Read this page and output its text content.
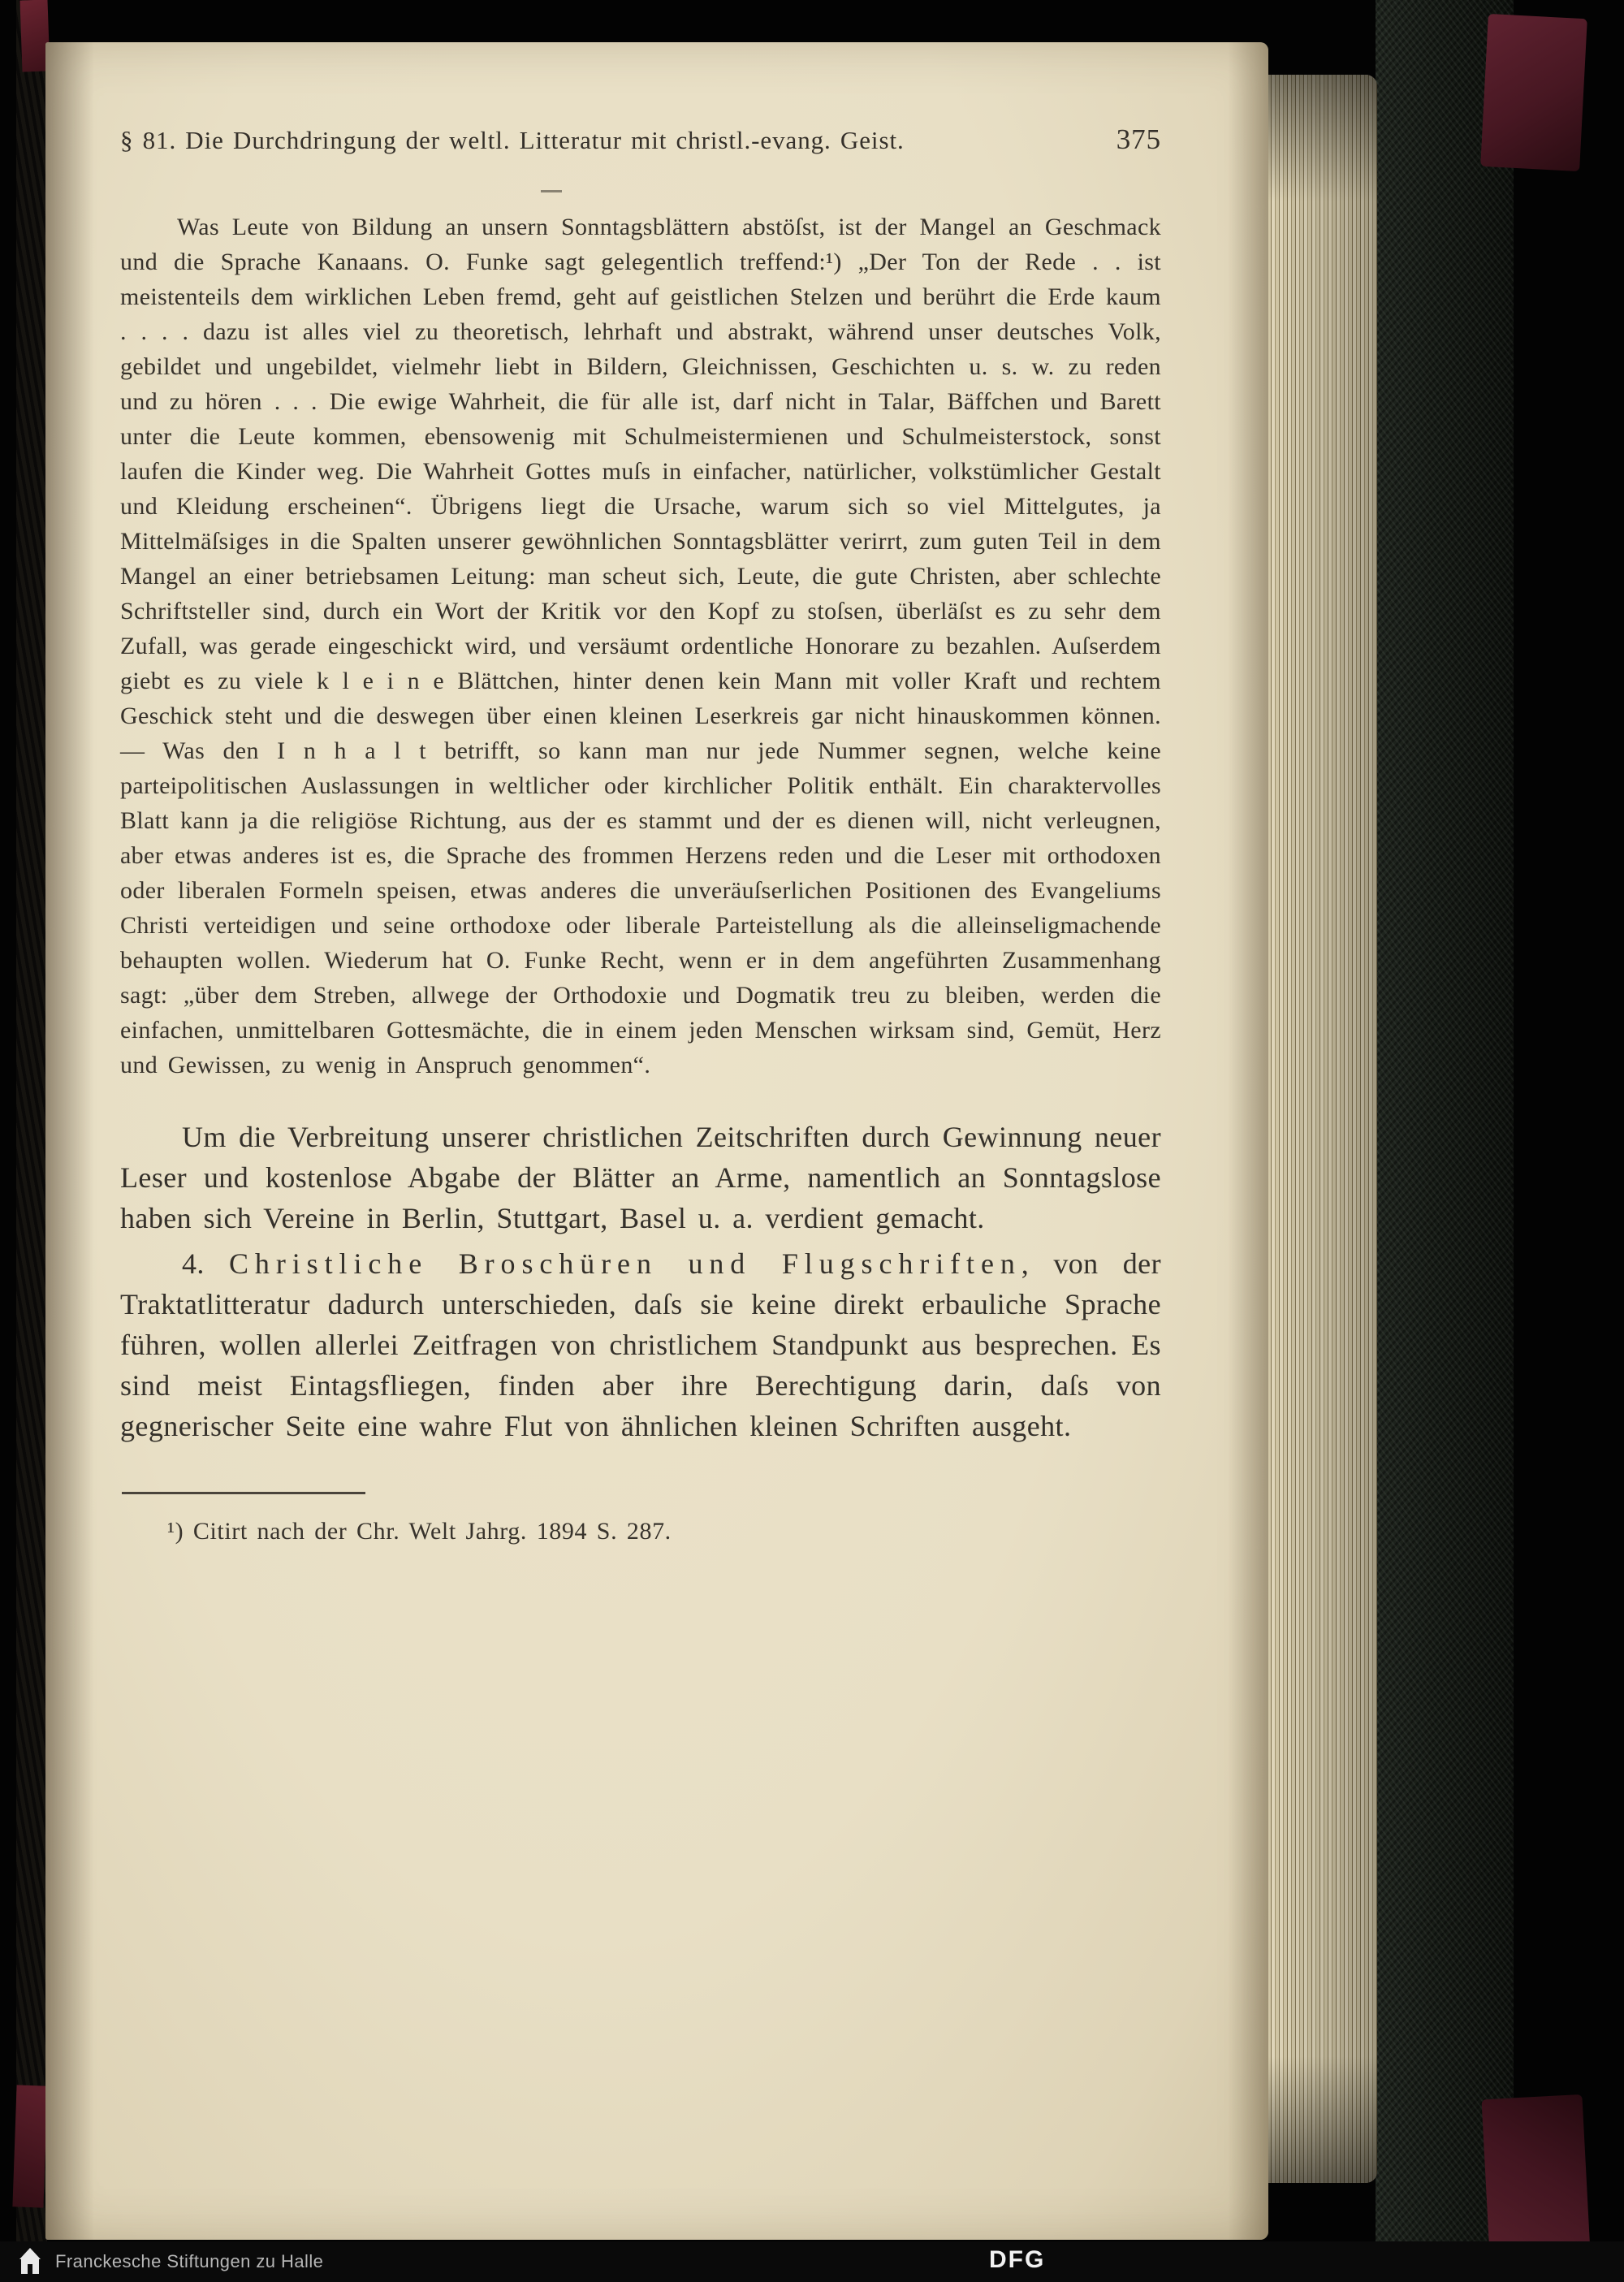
§ 81. Die Durchdringung der weltl. Litteratur mit christl.-evang. Geist.	375

Was Leute von Bildung an unsern Sonntagsblättern abstöſst, ist der Mangel an Geschmack und die Sprache Kanaans. O. Funke sagt gelegentlich treffend:¹) „Der Ton der Rede . . ist meistenteils dem wirklichen Leben fremd, geht auf geistlichen Stelzen und berührt die Erde kaum . . . . dazu ist alles viel zu theoretisch, lehrhaft und abstrakt, während unser deutsches Volk, gebildet und ungebildet, vielmehr liebt in Bildern, Gleichnissen, Geschichten u. s. w. zu reden und zu hören . . . Die ewige Wahrheit, die für alle ist, darf nicht in Talar, Bäffchen und Barett unter die Leute kommen, ebensowenig mit Schulmeistermienen und Schulmeisterstock, sonst laufen die Kinder weg. Die Wahrheit Gottes muſs in einfacher, natürlicher, volkstümlicher Gestalt und Kleidung erscheinen“. Übrigens liegt die Ursache, warum sich so viel Mittelgutes, ja Mittelmäſsiges in die Spalten unserer gewöhnlichen Sonntagsblätter verirrt, zum guten Teil in dem Mangel an einer betriebsamen Leitung: man scheut sich, Leute, die gute Christen, aber schlechte Schriftsteller sind, durch ein Wort der Kritik vor den Kopf zu stoſsen, überläſst es zu sehr dem Zufall, was gerade eingeschickt wird, und versäumt ordentliche Honorare zu bezahlen. Auſserdem giebt es zu viele k l e i n e Blättchen, hinter denen kein Mann mit voller Kraft und rechtem Geschick steht und die deswegen über einen kleinen Leserkreis gar nicht hinauskommen können. — Was den I n h a l t betrifft, so kann man nur jede Nummer segnen, welche keine parteipolitischen Auslassungen in weltlicher oder kirchlicher Politik enthält. Ein charaktervolles Blatt kann ja die religiöse Richtung, aus der es stammt und der es dienen will, nicht verleugnen, aber etwas anderes ist es, die Sprache des frommen Herzens reden und die Leser mit orthodoxen oder liberalen Formeln speisen, etwas anderes die unveräuſserlichen Positionen des Evangeliums Christi verteidigen und seine orthodoxe oder liberale Parteistellung als die alleinseligmachende behaupten wollen. Wiederum hat O. Funke Recht, wenn er in dem angeführten Zusammenhang sagt: „über dem Streben, allwege der Orthodoxie und Dogmatik treu zu bleiben, werden die einfachen, unmittelbaren Gottesmächte, die in einem jeden Menschen wirksam sind, Gemüt, Herz und Gewissen, zu wenig in Anspruch genommen“.

Um die Verbreitung unserer christlichen Zeitschriften durch Gewinnung neuer Leser und kostenlose Abgabe der Blätter an Arme, namentlich an Sonntagslose haben sich Vereine in Berlin, Stuttgart, Basel u. a. verdient gemacht.

4. Christliche Broschüren und Flugschriften, von der Traktatlitteratur dadurch unterschieden, daſs sie keine direkt erbauliche Sprache führen, wollen allerlei Zeitfragen von christlichem Standpunkt aus besprechen. Es sind meist Eintagsfliegen, finden aber ihre Berechtigung darin, daſs von gegnerischer Seite eine wahre Flut von ähnlichen kleinen Schriften ausgeht.

¹) Citirt nach der Chr. Welt Jahrg. 1894 S. 287.

Franckesche Stiftungen zu Halle	DFG
